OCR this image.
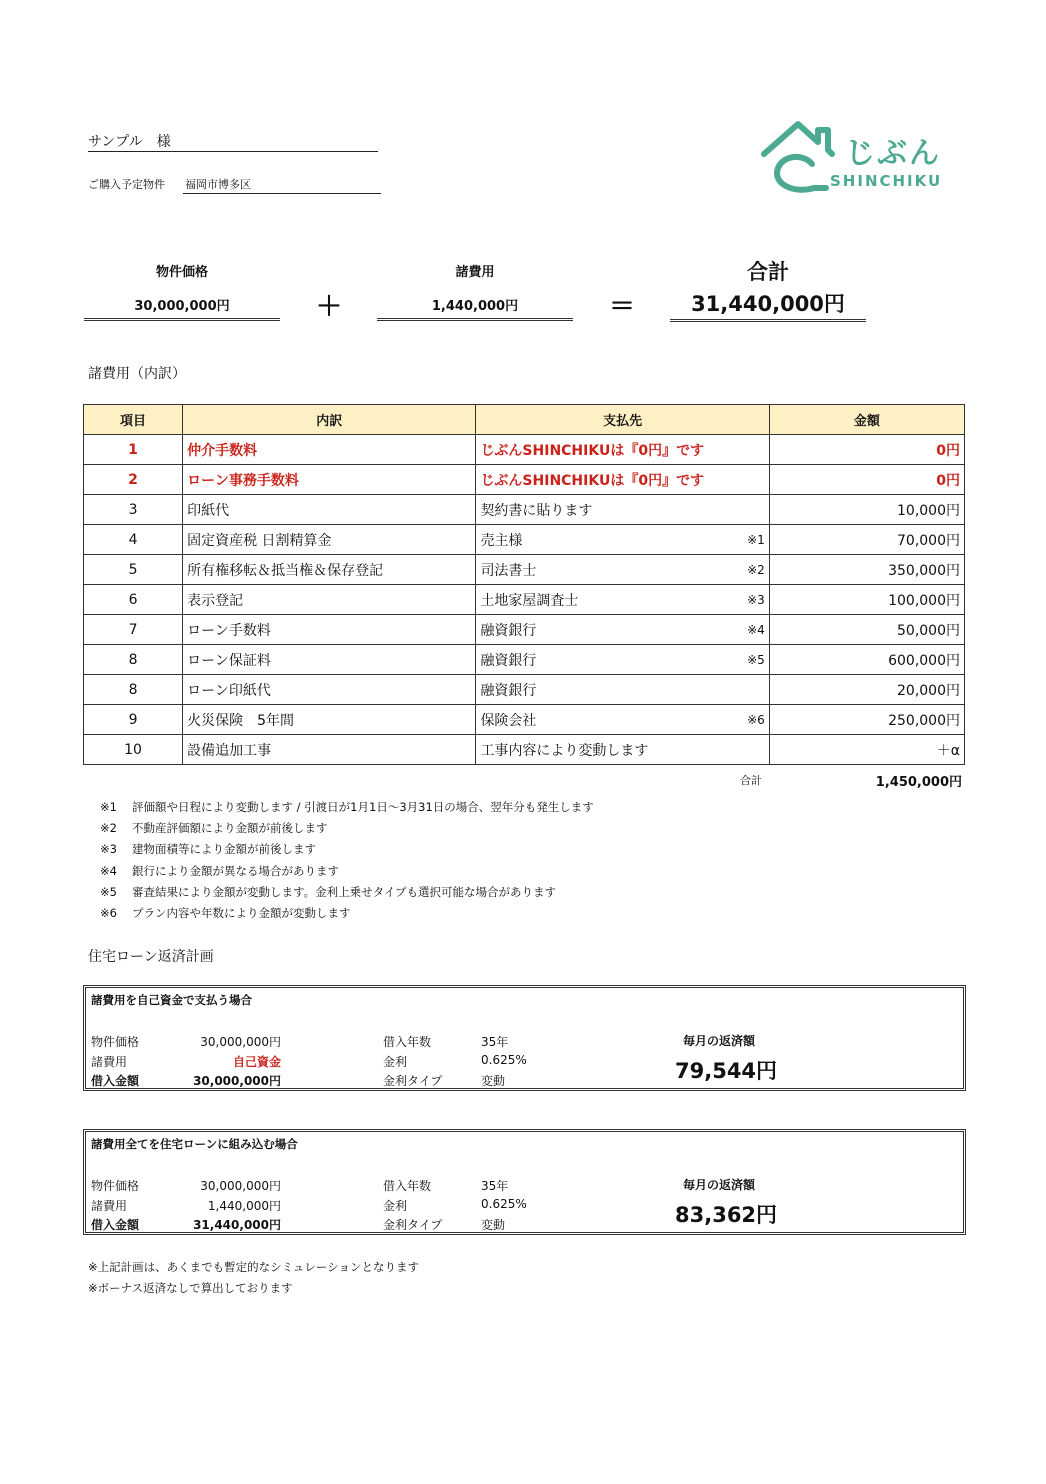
サンプル　様
ご購入予定物件	福岡市博多区
じぶん
SHINCHIKU
物件価格
30,000,000円	＋
諸費用
1,440,000円	＝
合計
31,440,000円
諸費用（内訳）
項目	内訳	支払先	金額
1	仲介手数料	じぶんSHINCHIKUは『0円』です	0円
2	ローン事務手数料	じぶんSHINCHIKUは『0円』です	0円
3	印紙代	契約書に貼ります	10,000円
4	固定資産税 日割精算金	売主様 ※1	70,000円
5	所有権移転＆抵当権＆保存登記	司法書士 ※2	350,000円
6	表示登記	土地家屋調査士 ※3	100,000円
7	ローン手数料	融資銀行 ※4	50,000円
8	ローン保証料	融資銀行 ※5	600,000円
8	ローン印紙代	融資銀行	20,000円
9	火災保険　5年間	保険会社 ※6	250,000円
10	設備追加工事	工事内容により変動します	＋α
合計	1,450,000円
※1 評価額や日程により変動します / 引渡日が1月1日〜3月31日の場合、翌年分も発生します
※2 不動産評価額により金額が前後します
※3 建物面積等により金額が前後します
※4 銀行により金額が異なる場合があります
※5 審査結果により金額が変動します。金利上乗せタイプも選択可能な場合があります
※6 プラン内容や年数により金額が変動します
住宅ローン返済計画
諸費用を自己資金で支払う場合
物件価格	30,000,000円	借入年数	35年
諸費用	自己資金	金利	0.625%
借入金額	30,000,000円	金利タイプ	変動
毎月の返済額
79,544円
諸費用全てを住宅ローンに組み込む場合
物件価格	30,000,000円	借入年数	35年
諸費用	1,440,000円	金利	0.625%
借入金額	31,440,000円	金利タイプ	変動
毎月の返済額
83,362円
※上記計画は、あくまでも暫定的なシミュレーションとなります
※ボーナス返済なしで算出しております
